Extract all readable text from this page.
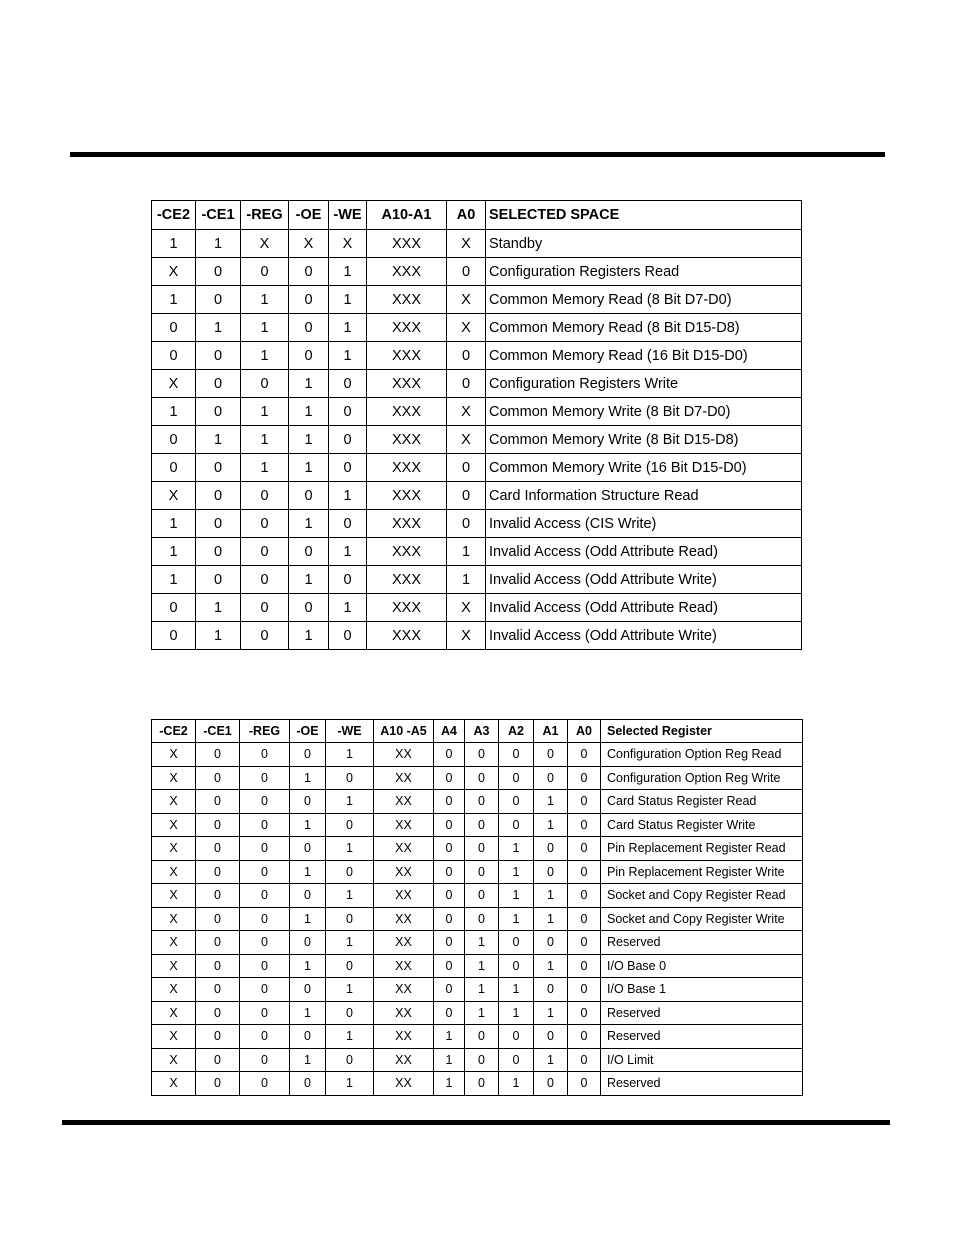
-CE2	-CE1	-REG	-OE	-WE	A10-A1	A0	SELECTED SPACE
1	1	X	X	X	XXX	X	Standby
X	0	0	0	1	XXX	0	Configuration Registers Read
1	0	1	0	1	XXX	X	Common Memory Read (8 Bit D7-D0)
0	1	1	0	1	XXX	X	Common Memory Read (8 Bit D15-D8)
0	0	1	0	1	XXX	0	Common Memory Read (16 Bit D15-D0)
X	0	0	1	0	XXX	0	Configuration Registers Write
1	0	1	1	0	XXX	X	Common Memory Write (8 Bit D7-D0)
0	1	1	1	0	XXX	X	Common Memory Write (8 Bit D15-D8)
0	0	1	1	0	XXX	0	Common Memory Write (16 Bit D15-D0)
X	0	0	0	1	XXX	0	Card Information Structure Read
1	0	0	1	0	XXX	0	Invalid Access (CIS Write)
1	0	0	0	1	XXX	1	Invalid Access (Odd Attribute Read)
1	0	0	1	0	XXX	1	Invalid Access (Odd Attribute Write)
0	1	0	0	1	XXX	X	Invalid Access (Odd Attribute Read)
0	1	0	1	0	XXX	X	Invalid Access (Odd Attribute Write)
-CE2	-CE1	-REG	-OE	-WE	A10 -A5	A4	A3	A2	A1	A0	Selected Register
X	0	0	0	1	XX	0	0	0	0	0	Configuration Option Reg Read
X	0	0	1	0	XX	0	0	0	0	0	Configuration Option Reg Write
X	0	0	0	1	XX	0	0	0	1	0	Card Status Register Read
X	0	0	1	0	XX	0	0	0	1	0	Card Status Register Write
X	0	0	0	1	XX	0	0	1	0	0	Pin Replacement Register Read
X	0	0	1	0	XX	0	0	1	0	0	Pin Replacement Register Write
X	0	0	0	1	XX	0	0	1	1	0	Socket and Copy Register Read
X	0	0	1	0	XX	0	0	1	1	0	Socket and Copy Register Write
X	0	0	0	1	XX	0	1	0	0	0	Reserved
X	0	0	1	0	XX	0	1	0	1	0	I/O Base 0
X	0	0	0	1	XX	0	1	1	0	0	I/O Base 1
X	0	0	1	0	XX	0	1	1	1	0	Reserved
X	0	0	0	1	XX	1	0	0	0	0	Reserved
X	0	0	1	0	XX	1	0	0	1	0	I/O Limit
X	0	0	0	1	XX	1	0	1	0	0	Reserved
